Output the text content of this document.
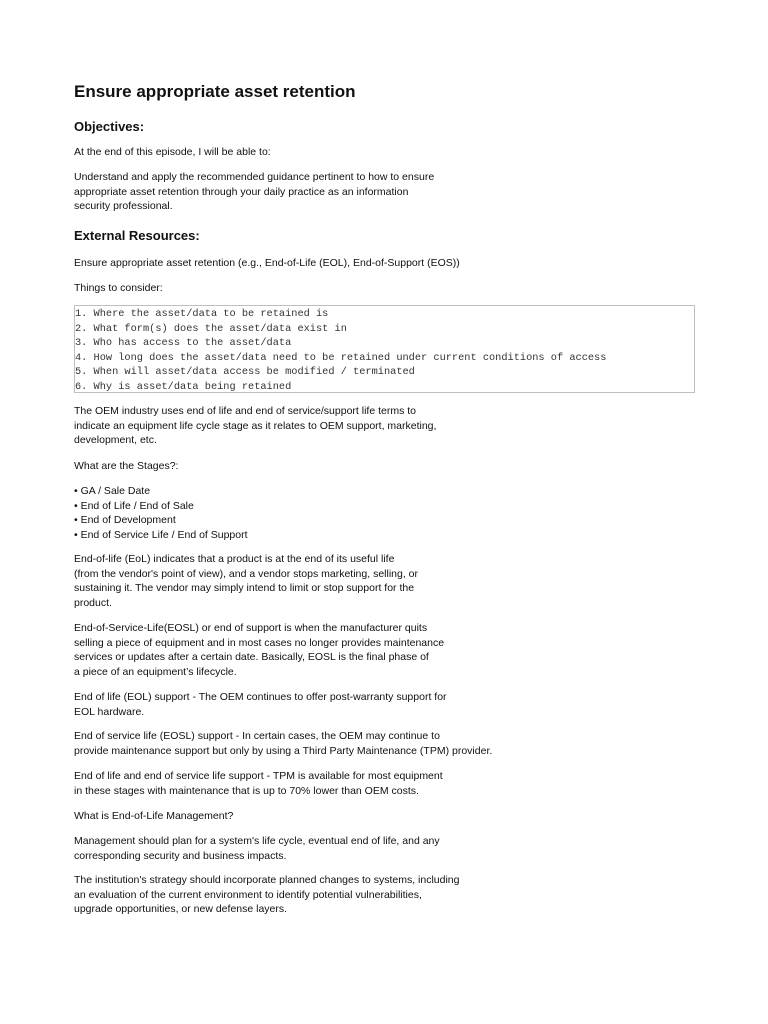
Ensure appropriate asset retention
Objectives:

At the end of this episode, I will be able to:

Understand and apply the recommended guidance pertinent to how to ensure
appropriate asset retention through your daily practice as an information
security professional.

External Resources:

Ensure appropriate asset retention (e.g., End-of-Life (EOL), End-of-Support (EOS))

Things to consider:

1. Where the asset/data to be retained is
2. What form(s) does the asset/data exist in
3. Who has access to the asset/data
4. How long does the asset/data need to be retained under current conditions of access
5. When will asset/data access be modified / terminated
6. Why is asset/data being retained

The OEM industry uses end of life and end of service/support life terms to
indicate an equipment life cycle stage as it relates to OEM support, marketing,
development, etc.

What are the Stages?:

• GA / Sale Date
• End of Life / End of Sale
• End of Development
• End of Service Life / End of Support

End-of-life (EoL) indicates that a product is at the end of its useful life
(from the vendor's point of view), and a vendor stops marketing, selling, or
sustaining it. The vendor may simply intend to limit or stop support for the
product.

End-of-Service-Life(EOSL) or end of support is when the manufacturer quits
selling a piece of equipment and in most cases no longer provides maintenance
services or updates after a certain date. Basically, EOSL is the final phase of
a piece of an equipment’s lifecycle.

End of life (EOL) support - The OEM continues to offer post-warranty support for
EOL hardware.

End of service life (EOSL) support - In certain cases, the OEM may continue to
provide maintenance support but only by using a Third Party Maintenance (TPM) provider.

End of life and end of service life support - TPM is available for most equipment
in these stages with maintenance that is up to 70% lower than OEM costs.

What is End-of-Life Management?

Management should plan for a system's life cycle, eventual end of life, and any
corresponding security and business impacts.

The institution's strategy should incorporate planned changes to systems, including
an evaluation of the current environment to identify potential vulnerabilities,
upgrade opportunities, or new defense layers.
